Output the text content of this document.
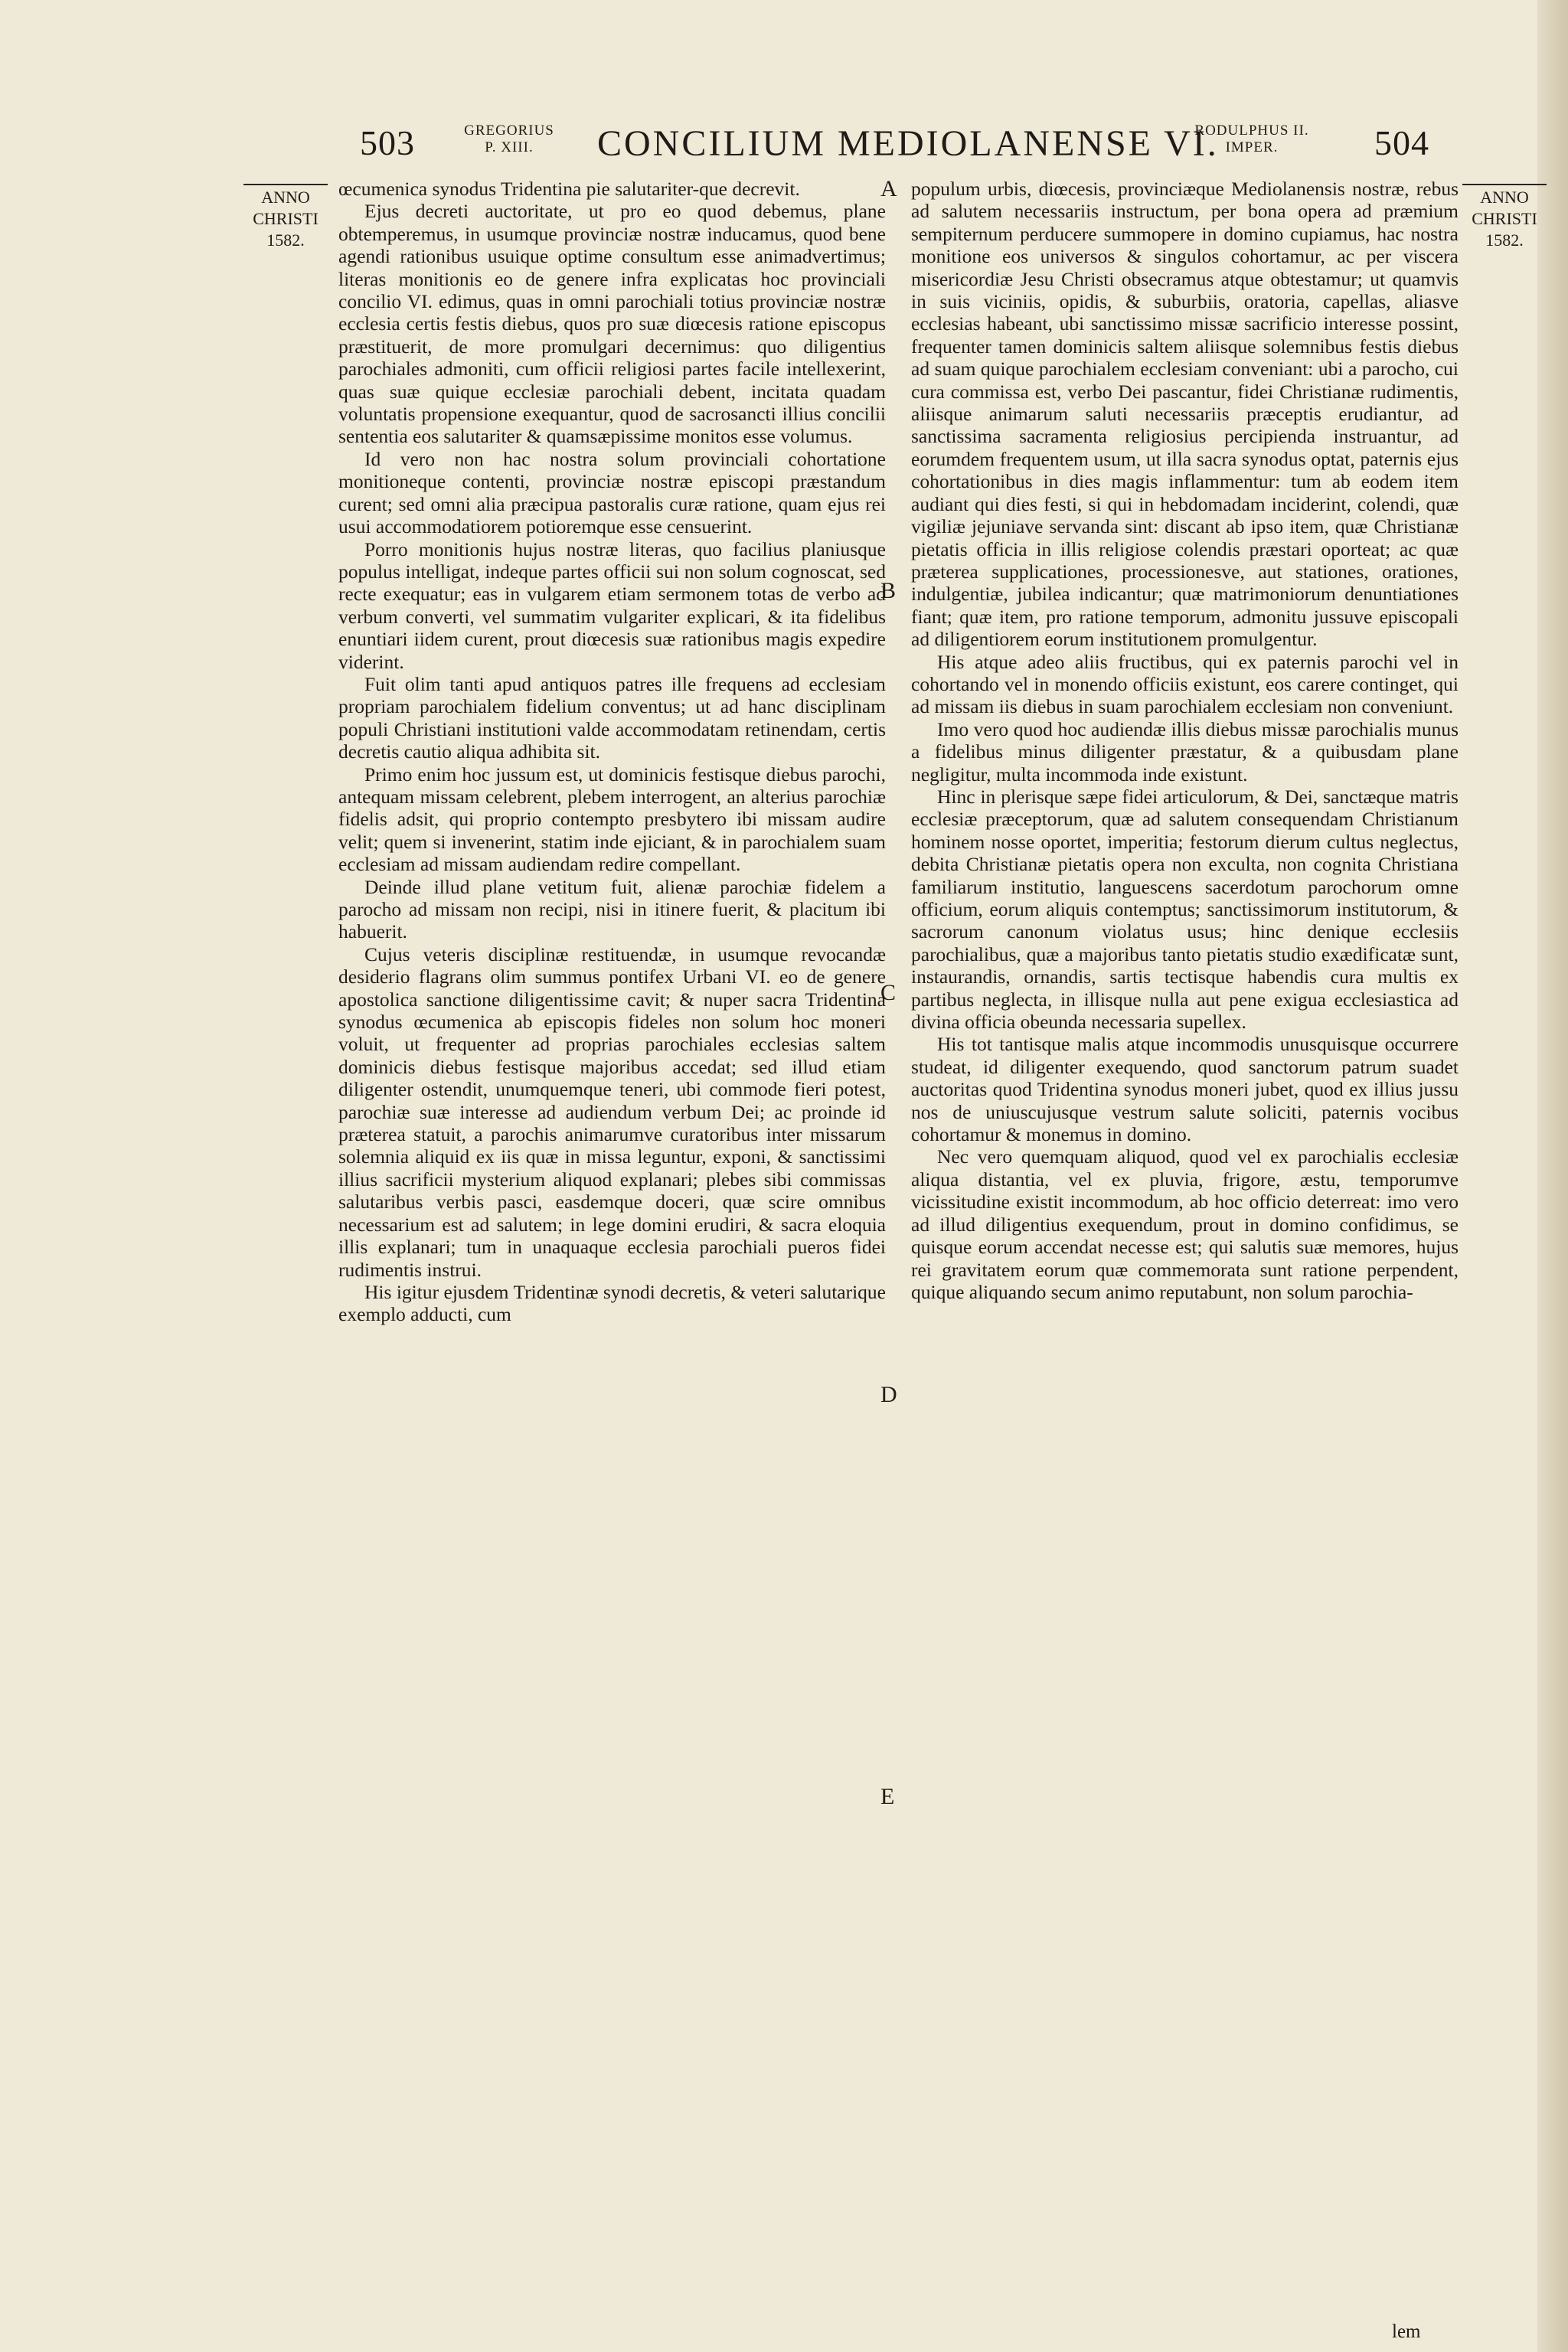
503	GREGORIUS
P. XIII.	CONCILIUM MEDIOLANENSE VI.
RODULPHUS II.
IMPER.	504
ANNO
CHRISTI
1582.
ANNO
CHRISTI
1582.
A
B
C
D
E

œcumenica synodus Tridentina pie salutariter-que decrevit.

Ejus decreti auctoritate, ut pro eo quod debemus, plane obtemperemus, in usumque provinciæ nostræ inducamus, quod bene agendi rationibus usuique optime consultum esse animadvertimus; literas monitionis eo de genere infra explicatas hoc provinciali concilio VI. edimus, quas in omni parochiali totius provinciæ nostræ ecclesia certis festis diebus, quos pro suæ diœcesis ratione episcopus præstituerit, de more promulgari decernimus: quo diligentius parochiales admoniti, cum officii religiosi partes facile intellexerint, quas suæ quique ecclesiæ parochiali debent, incitata quadam voluntatis propensione exequantur, quod de sacrosancti illius concilii sententia eos salutariter & quamsæpissime monitos esse volumus.

Id vero non hac nostra solum provinciali cohortatione monitioneque contenti, provinciæ nostræ episcopi præstandum curent; sed omni alia præcipua pastoralis curæ ratione, quam ejus rei usui accommodatiorem potioremque esse censuerint.

Porro monitionis hujus nostræ literas, quo facilius planiusque populus intelligat, indeque partes officii sui non solum cognoscat, sed recte exequatur; eas in vulgarem etiam sermonem totas de verbo ad verbum converti, vel summatim vulgariter explicari, & ita fidelibus enuntiari iidem curent, prout diœcesis suæ rationibus magis expedire viderint.

Fuit olim tanti apud antiquos patres ille frequens ad ecclesiam propriam parochialem fidelium conventus; ut ad hanc disciplinam populi Christiani institutioni valde accommodatam retinendam, certis decretis cautio aliqua adhibita sit.

Primo enim hoc jussum est, ut dominicis festisque diebus parochi, antequam missam celebrent, plebem interrogent, an alterius parochiæ fidelis adsit, qui proprio contempto presbytero ibi missam audire velit; quem si invenerint, statim inde ejiciant, & in parochialem suam ecclesiam ad missam audiendam redire compellant.

Deinde illud plane vetitum fuit, alienæ parochiæ fidelem a parocho ad missam non recipi, nisi in itinere fuerit, & placitum ibi habuerit.

Cujus veteris disciplinæ restituendæ, in usumque revocandæ desiderio flagrans olim summus pontifex Urbani VI. eo de genere apostolica sanctione diligentissime cavit; & nuper sacra Tridentina synodus œcumenica ab episcopis fideles non solum hoc moneri voluit, ut frequenter ad proprias parochiales ecclesias saltem dominicis diebus festisque majoribus accedat; sed illud etiam diligenter ostendit, unumquemque teneri, ubi commode fieri potest, parochiæ suæ interesse ad audiendum verbum Dei; ac proinde id præterea statuit, a parochis animarumve curatoribus inter missarum solemnia aliquid ex iis quæ in missa leguntur, exponi, & sanctissimi illius sacrificii mysterium aliquod explanari; plebes sibi commissas salutaribus verbis pasci, easdemque doceri, quæ scire omnibus necessarium est ad salutem; in lege domini erudiri, & sacra eloquia illis explanari; tum in unaquaque ecclesia parochiali pueros fidei rudimentis instrui.

His igitur ejusdem Tridentinæ synodi decretis, & veteri salutarique exemplo adducti, cum

populum urbis, diœcesis, provinciæque Mediolanensis nostræ, rebus ad salutem necessariis instructum, per bona opera ad præmium sempiternum perducere summopere in domino cupiamus, hac nostra monitione eos universos & singulos cohortamur, ac per viscera misericordiæ Jesu Christi obsecramus atque obtestamur; ut quamvis in suis viciniis, opidis, & suburbiis, oratoria, capellas, aliasve ecclesias habeant, ubi sanctissimo missæ sacrificio interesse possint, frequenter tamen dominicis saltem aliisque solemnibus festis diebus ad suam quique parochialem ecclesiam conveniant: ubi a parocho, cui cura commissa est, verbo Dei pascantur, fidei Christianæ rudimentis, aliisque animarum saluti necessariis præceptis erudiantur, ad sanctissima sacramenta religiosius percipienda instruantur, ad eorumdem frequentem usum, ut illa sacra synodus optat, paternis ejus cohortationibus in dies magis inflammentur: tum ab eodem item audiant qui dies festi, si qui in hebdomadam inciderint, colendi, quæ vigiliæ jejuniave servanda sint: discant ab ipso item, quæ Christianæ pietatis officia in illis religiose colendis præstari oporteat; ac quæ præterea supplicationes, processionesve, aut stationes, orationes, indulgentiæ, jubilea indicantur; quæ matrimoniorum denuntiationes fiant; quæ item, pro ratione temporum, admonitu jussuve episcopali ad diligentiorem eorum institutionem promulgentur.

His atque adeo aliis fructibus, qui ex paternis parochi vel in cohortando vel in monendo officiis existunt, eos carere continget, qui ad missam iis diebus in suam parochialem ecclesiam non conveniunt.

Imo vero quod hoc audiendæ illis diebus missæ parochialis munus a fidelibus minus diligenter præstatur, & a quibusdam plane negligitur, multa incommoda inde existunt.

Hinc in plerisque sæpe fidei articulorum, & Dei, sanctæque matris ecclesiæ præceptorum, quæ ad salutem consequendam Christianum hominem nosse oportet, imperitia; festorum dierum cultus neglectus, debita Christianæ pietatis opera non exculta, non cognita Christiana familiarum institutio, languescens sacerdotum parochorum omne officium, eorum aliquis contemptus; sanctissimorum institutorum, & sacrorum canonum violatus usus; hinc denique ecclesiis parochialibus, quæ a majoribus tanto pietatis studio exædificatæ sunt, instaurandis, ornandis, sartis tectisque habendis cura multis ex partibus neglecta, in illisque nulla aut pene exigua ecclesiastica ad divina officia obeunda necessaria supellex.

His tot tantisque malis atque incommodis unusquisque occurrere studeat, id diligenter exequendo, quod sanctorum patrum suadet auctoritas quod Tridentina synodus moneri jubet, quod ex illius jussu nos de uniuscujusque vestrum salute soliciti, paternis vocibus cohortamur & monemus in domino.

Nec vero quemquam aliquod, quod vel ex parochialis ecclesiæ aliqua distantia, vel ex pluvia, frigore, æstu, temporumve vicissitudine existit incommodum, ab hoc officio deterreat: imo vero ad illud diligentius exequendum, prout in domino confidimus, se quisque eorum accendat necesse est; qui salutis suæ memores, hujus rei gravitatem eorum quæ commemorata sunt ratione perpendent, quique aliquando secum animo reputabunt, non solum parochia-

lem
